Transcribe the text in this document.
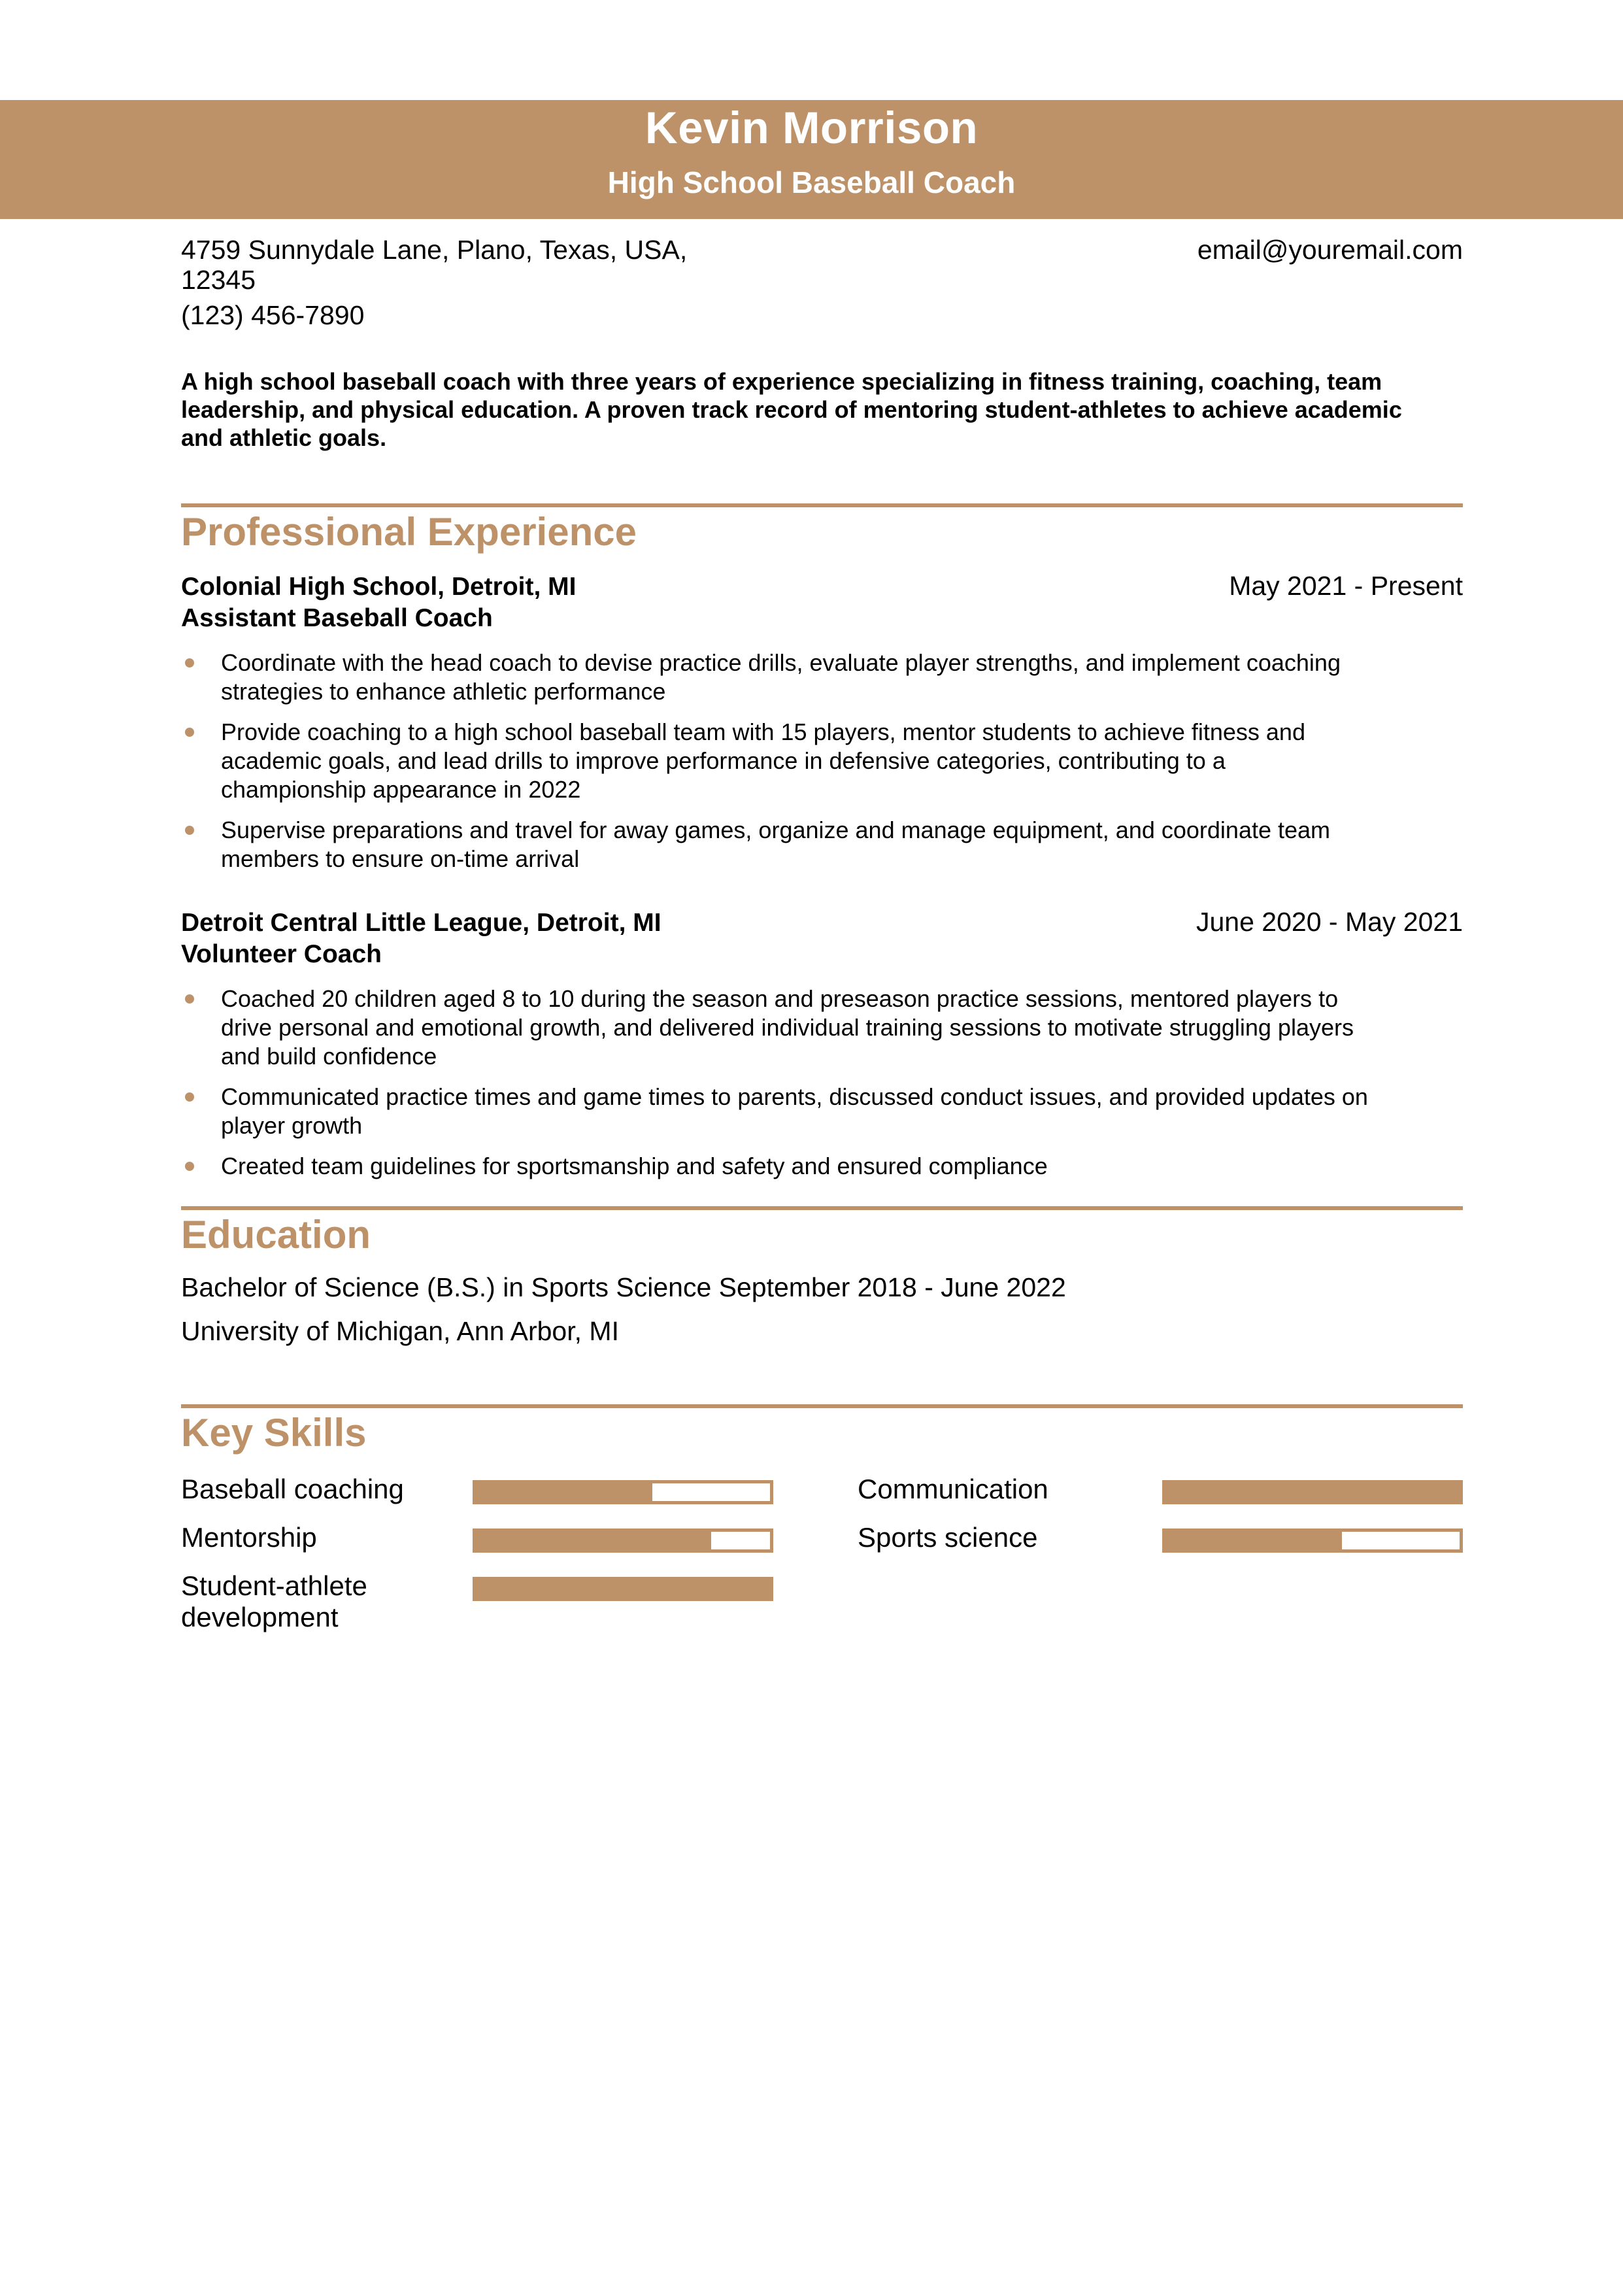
Kevin Morrison
High School Baseball Coach
4759 Sunnydale Lane, Plano, Texas, USA, 12345
(123) 456-7890
email@youremail.com
A high school baseball coach with three years of experience specializing in fitness training, coaching, team leadership, and physical education. A proven track record of mentoring student-athletes to achieve academic and athletic goals.
Professional Experience
Colonial High School, Detroit, MI	May 2021 - Present
Assistant Baseball Coach
Coordinate with the head coach to devise practice drills, evaluate player strengths, and implement coaching strategies to enhance athletic performance
Provide coaching to a high school baseball team with 15 players, mentor students to achieve fitness and academic goals, and lead drills to improve performance in defensive categories, contributing to a championship appearance in 2022
Supervise preparations and travel for away games, organize and manage equipment, and coordinate team members to ensure on-time arrival
Detroit Central Little League, Detroit, MI	June 2020 - May 2021
Volunteer Coach
Coached 20 children aged 8 to 10 during the season and preseason practice sessions, mentored players to drive personal and emotional growth, and delivered individual training sessions to motivate struggling players and build confidence
Communicated practice times and game times to parents, discussed conduct issues, and provided updates on player growth
Created team guidelines for sportsmanship and safety and ensured compliance
Education
Bachelor of Science (B.S.) in Sports Science September 2018 - June 2022
University of Michigan, Ann Arbor, MI
Key Skills
Baseball coaching
Mentorship
Student-athlete development
Communication
Sports science
